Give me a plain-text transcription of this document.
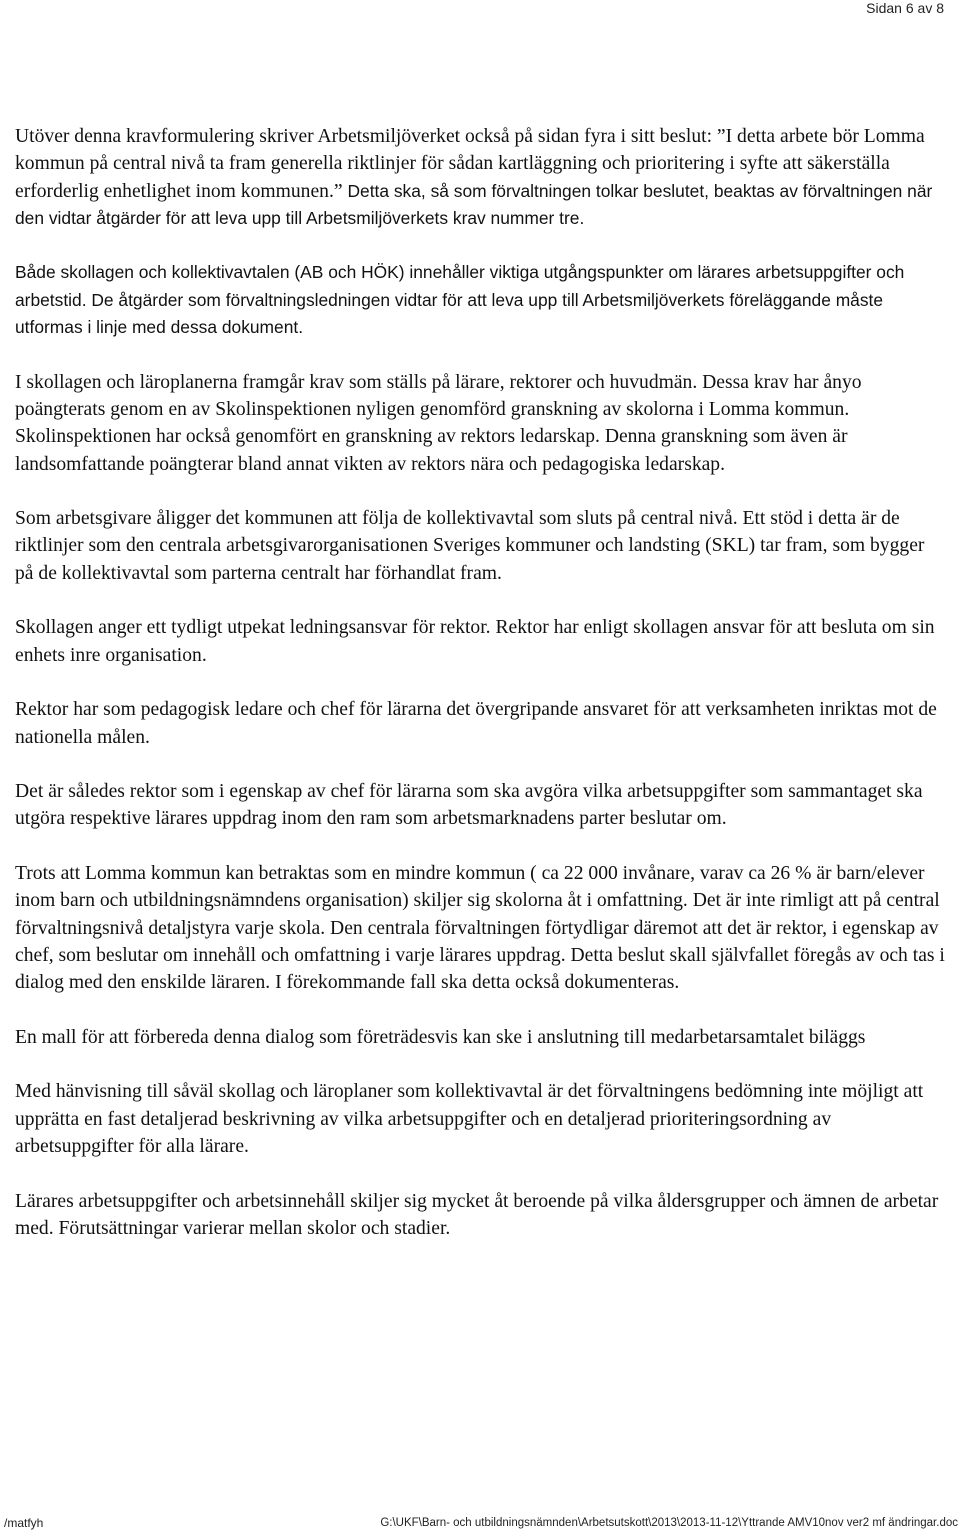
Sidan 6 av 8

Utöver denna kravformulering skriver Arbetsmiljöverket också på sidan fyra i sitt beslut: ”I detta arbete bör Lomma kommun på central nivå ta fram generella riktlinjer för sådan kartläggning och prioritering i syfte att säkerställa erforderlig enhetlighet inom kommunen.” Detta ska, så som förvaltningen tolkar beslutet, beaktas av förvaltningen när den vidtar åtgärder för att leva upp till Arbetsmiljöverkets krav nummer tre.

Både skollagen och kollektivavtalen (AB och HÖK) innehåller viktiga utgångspunkter om lärares arbetsuppgifter och arbetstid. De åtgärder som förvaltningsledningen vidtar för att leva upp till Arbetsmiljöverkets föreläggande måste utformas i linje med dessa dokument.

I skollagen och läroplanerna framgår krav som ställs på lärare, rektorer och huvudmän. Dessa krav har ånyo poängterats genom en av Skolinspektionen nyligen genomförd granskning av skolorna i Lomma kommun. Skolinspektionen har också genomfört en granskning av rektors ledarskap. Denna granskning som även är landsomfattande poängterar bland annat vikten av rektors nära och pedagogiska ledarskap.

Som arbetsgivare åligger det kommunen att följa de kollektivavtal som sluts på central nivå. Ett stöd i detta är de riktlinjer som den centrala arbetsgivarorganisationen Sveriges kommuner och landsting (SKL) tar fram, som bygger på de kollektivavtal som parterna centralt har förhandlat fram.

Skollagen anger ett tydligt utpekat ledningsansvar för rektor. Rektor har enligt skollagen ansvar för att besluta om sin enhets inre organisation.

Rektor har som pedagogisk ledare och chef för lärarna det övergripande ansvaret för att verksamheten inriktas mot de nationella målen.

Det är således rektor som i egenskap av chef för lärarna som ska avgöra vilka arbetsuppgifter som sammantaget ska utgöra respektive lärares uppdrag inom den ram som arbetsmarknadens parter beslutar om.

Trots att Lomma kommun kan betraktas som en mindre kommun ( ca 22 000 invånare, varav ca 26 % är barn/elever inom barn och utbildningsnämndens organisation) skiljer sig skolorna åt i omfattning. Det är inte rimligt att på central förvaltningsnivå detaljstyra varje skola. Den centrala förvaltningen förtydligar däremot att det är rektor, i egenskap av chef, som beslutar om innehåll och omfattning i varje lärares uppdrag. Detta beslut skall självfallet föregås av och tas i dialog med den enskilde läraren. I förekommande fall ska detta också dokumenteras.

En mall för att förbereda denna dialog som företrädesvis kan ske i anslutning till medarbetarsamtalet biläggs

Med hänvisning till såväl skollag och läroplaner som kollektivavtal är det förvaltningens bedömning inte möjligt att upprätta en fast detaljerad beskrivning av vilka arbetsuppgifter och en detaljerad prioriteringsordning av arbetsuppgifter för alla lärare.

Lärares arbetsuppgifter och arbetsinnehåll skiljer sig mycket åt beroende på vilka åldersgrupper och ämnen de arbetar med. Förutsättningar varierar mellan skolor och stadier.

/matfyh	G:\UKF\Barn- och utbildningsnämnden\Arbetsutskott\2013\2013-11-12\Yttrande AMV10nov ver2 mf ändringar.doc
